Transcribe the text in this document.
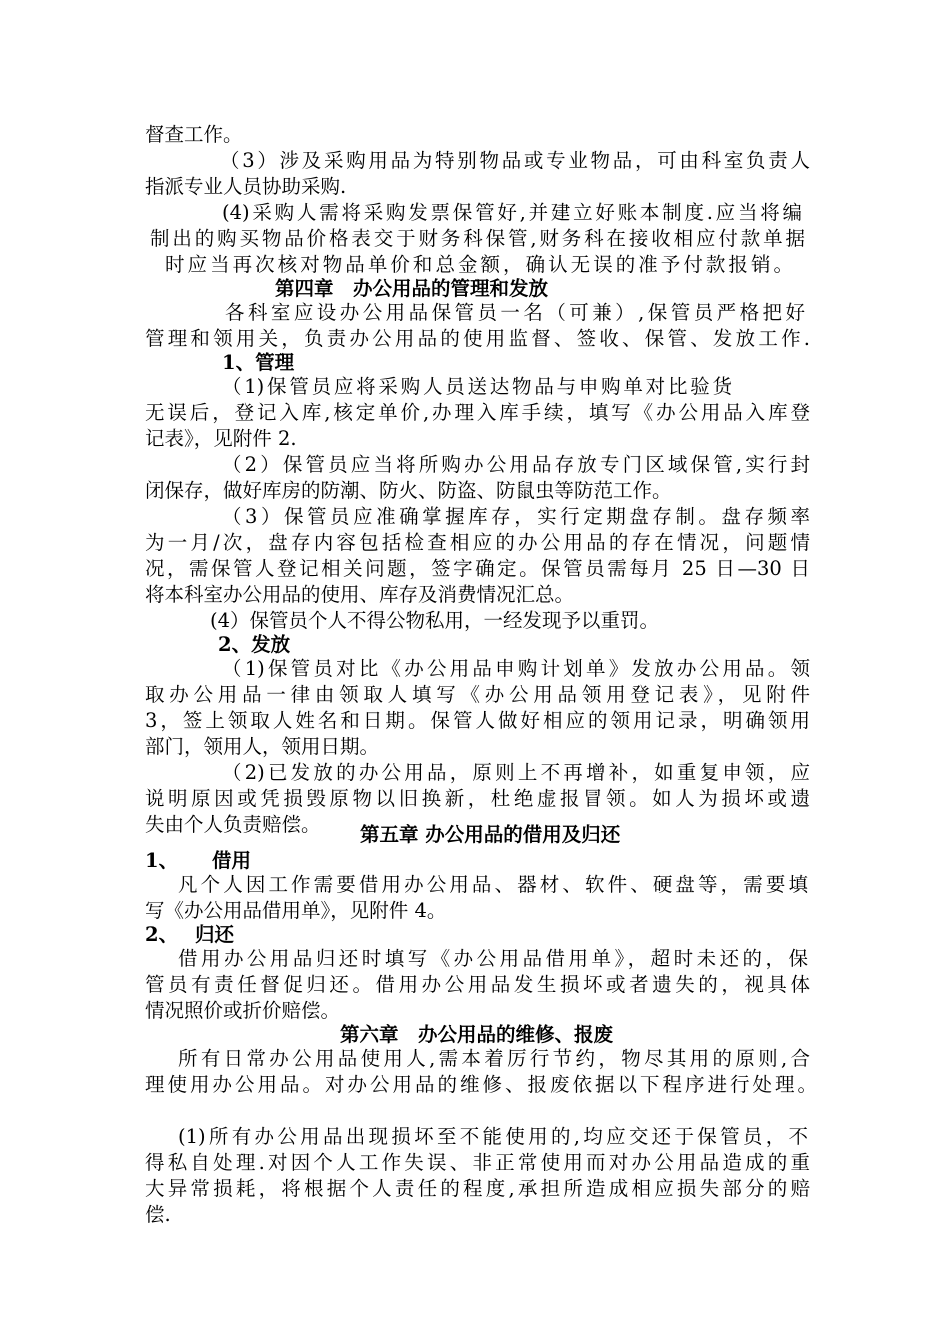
督查工作。
（3）涉及采购用品为特别物品或专业物品，可由科室负责人
指派专业人员协助采购.
(4)采购人需将采购发票保管好,并建立好账本制度.应当将编
制出的购买物品价格表交于财务科保管,财务科在接收相应付款单据
时应当再次核对物品单价和总金额，确认无误的准予付款报销。
第四章　办公用品的管理和发放
各科室应设办公用品保管员一名（可兼）,保管员严格把好
管理和领用关，负责办公用品的使用监督、签收、保管、发放工作.
1、管理
（1)保管员应将采购人员送达物品与申购单对比验货
无误后，登记入库,核定单价,办理入库手续，填写《办公用品入库登
记表》，见附件 2.
（2）保管员应当将所购办公用品存放专门区域保管,实行封
闭保存，做好库房的防潮、防火、防盗、防鼠虫等防范工作。
（3）保管员应准确掌握库存，实行定期盘存制。盘存频率
为一月/次，盘存内容包括检查相应的办公用品的存在情况，问题情
况，需保管人登记相关问题，签字确定。保管员需每月 25 日—30 日
将本科室办公用品的使用、库存及消费情况汇总。
(4）保管员个人不得公物私用，一经发现予以重罚。
2、发放
（1)保管员对比《办公用品申购计划单》发放办公用品。领
取办公用品一律由领取人填写《办公用品领用登记表》，见附件
3，签上领取人姓名和日期。保管人做好相应的领用记录，明确领用
部门，领用人，领用日期。
（2)已发放的办公用品，原则上不再增补，如重复申领，应
说明原因或凭损毁原物以旧换新，杜绝虚报冒领。如人为损坏或遗
失由个人负责赔偿。	第五章 办公用品的借用及归还
1、	借用
凡个人因工作需要借用办公用品、器材、软件、硬盘等，需要填
写《办公用品借用单》，见附件 4。
2、 归还
借用办公用品归还时填写《办公用品借用单》，超时未还的，保
管员有责任督促归还。借用办公用品发生损坏或者遗失的，视具体
情况照价或折价赔偿。
第六章　办公用品的维修、报废
所有日常办公用品使用人,需本着厉行节约，物尽其用的原则,合
理使用办公用品。对办公用品的维修、报废依据以下程序进行处理。
(1)所有办公用品出现损坏至不能使用的,均应交还于保管员，不
得私自处理.对因个人工作失误、非正常使用而对办公用品造成的重
大异常损耗，将根据个人责任的程度,承担所造成相应损失部分的赔
偿.
